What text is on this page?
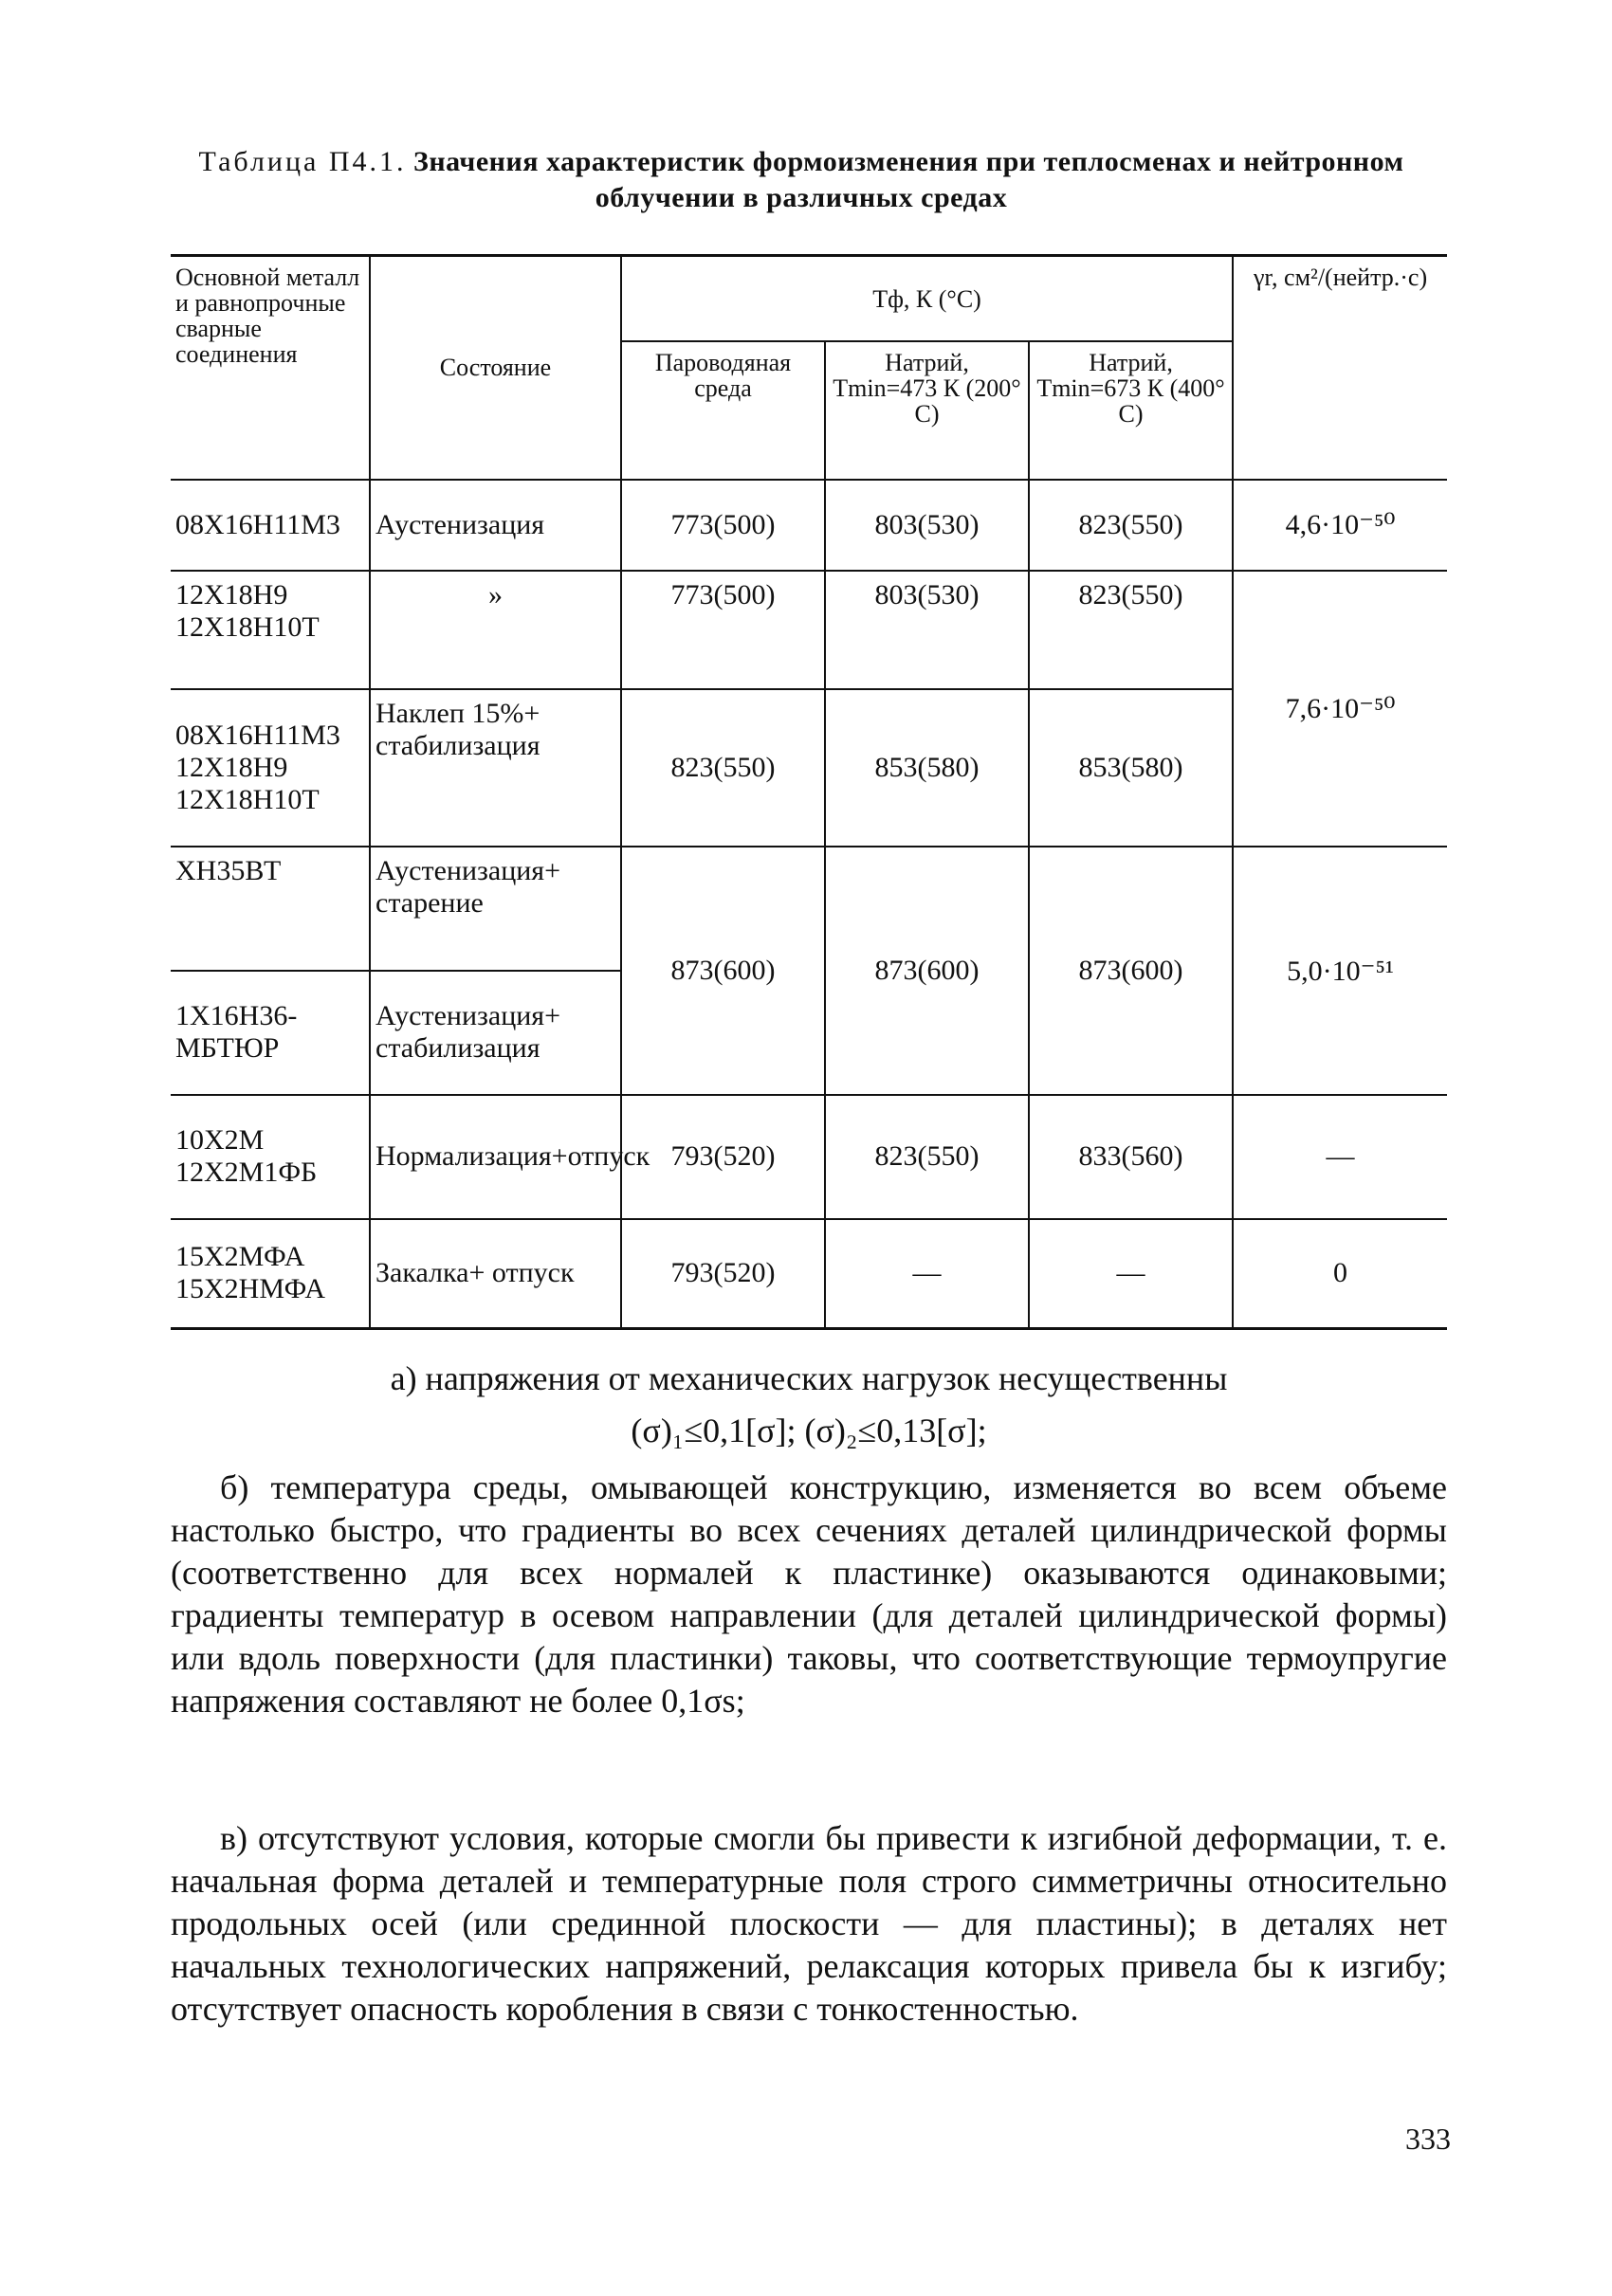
Таблица П4.1. Значения характеристик формоизменения при теплосменах и нейтронном облучении в различных средах
Основной металл и равнопрочные сварные соединения	Состояние	Tф, К (°С)			γr, см²/(нейтр.·с)
		Пароводяная среда	Натрий, Tmin=473 К (200° С)	Натрий, Tmin=673 К (400° С)	
08Х16Н11М3	Аустенизация	773(500)	803(530)	823(550)	4,6·10⁻⁵⁰
12Х18Н9 12Х18Н10Т	»	773(500)	803(530)	823(550)	7,6·10⁻⁵⁰
08Х16Н11М3 12Х18Н9 12Х18Н10Т	Наклеп 15%+ стабилизация	823(550)	853(580)	853(580)	
ХН35ВТ	Аустенизация+ старение	873(600)	873(600)	873(600)	5,0·10⁻⁵¹
1Х16Н36-МБТЮР	Аустенизация+ стабилизация				
10Х2М 12Х2М1ФБ	Нормализация+отпуск	793(520)	823(550)	833(560)	—
15Х2МФА 15Х2НМФА	Закалка+ отпуск	793(520)	—	—	0
а) напряжения от механических нагрузок несущественны
(σ)₁≤0,1[σ]; (σ)₂≤0,13[σ];
б) температура среды, омывающей конструкцию, изменяется во всем объеме настолько быстро, что градиенты во всех сечениях деталей цилиндрической формы (соответственно для всех нормалей к пластинке) оказываются одинаковыми; градиенты температур в осевом направлении (для деталей цилиндрической формы) или вдоль поверхности (для пластинки) таковы, что соответствующие термоупругие напряжения составляют не более 0,1σs;
в) отсутствуют условия, которые смогли бы привести к изгибной деформации, т. е. начальная форма деталей и температурные поля строго симметричны относительно продольных осей (или срединной плоскости — для пластины); в деталях нет начальных технологических напряжений, релаксация которых привела бы к изгибу; отсутствует опасность коробления в связи с тонкостенностью.
333
